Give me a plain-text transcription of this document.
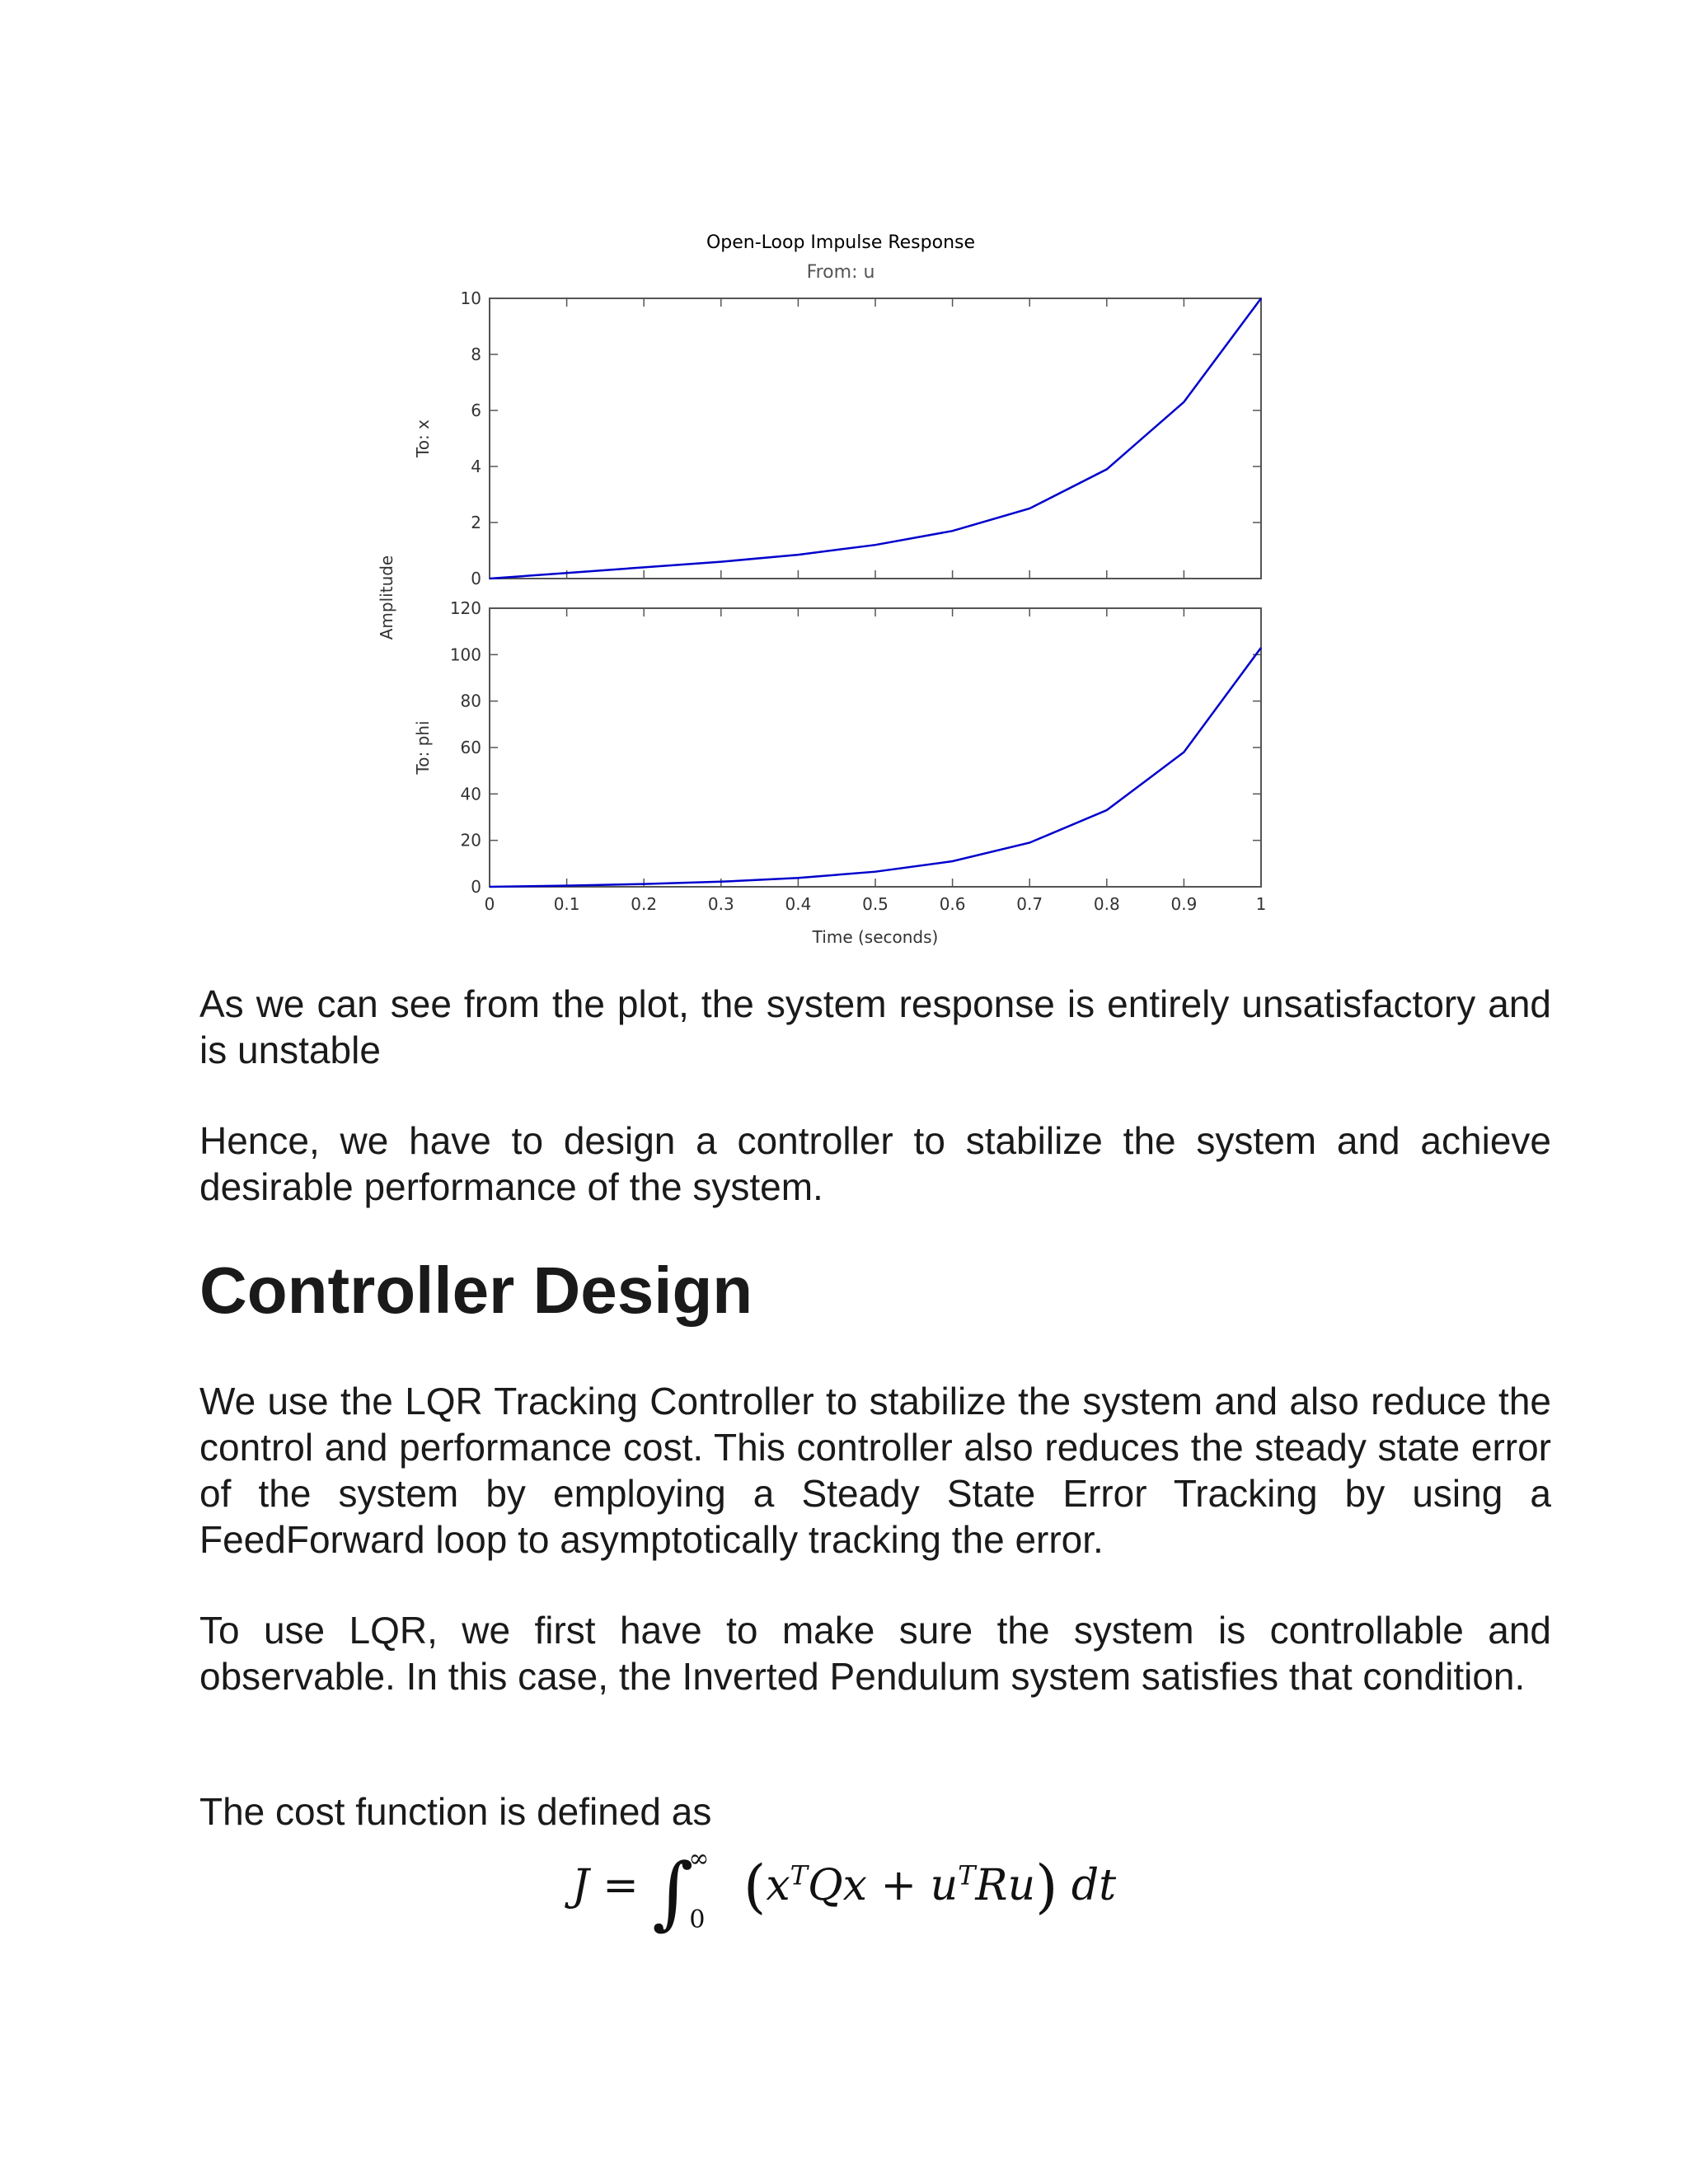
0
2
4
6
8
10
To: x
0
20
40
60
80
100
120
0	0.1	0.2	0.3	0.4	0.5	0.6	0.7	0.8	0.9	1
To: phi
Time (seconds)
Amplitude
Open-Loop Impulse Response
From: u

As we can see from the plot, the system response is entirely unsatisfactory and is unstable

Hence, we have to design a controller to stabilize the system and achieve desirable performance of the system.

Controller Design

We use the LQR Tracking Controller to stabilize the system and also reduce the control and performance cost. This controller also reduces the steady state error of the system by employing a Steady State Error Tracking by using a FeedForward loop to asymptotically tracking the error.

To use LQR, we first have to make sure the system is controllable and observable. In this case, the Inverted Pendulum system satisfies that condition.

The cost function is defined as

$J = \int^\infty_0$ $(x^TQx + u^TRu)$ dt
